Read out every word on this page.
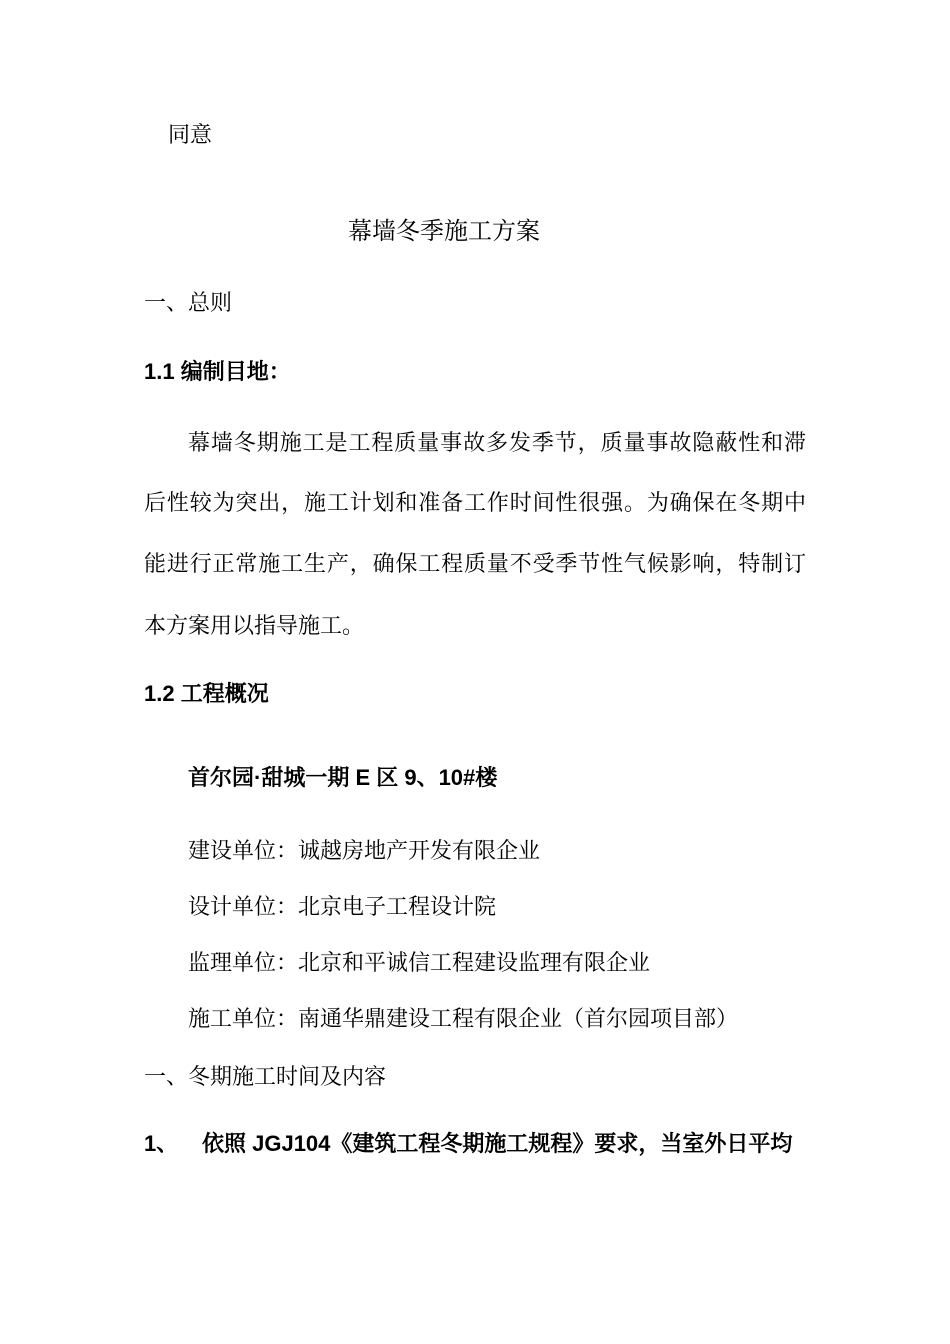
同意
幕墙冬季施工方案
一、总则
1.1 编制目地：
幕墙冬期施工是工程质量事故多发季节，质量事故隐蔽性和滞
后性较为突出，施工计划和准备工作时间性很强。为确保在冬期中
能进行正常施工生产，确保工程质量不受季节性气候影响，特制订
本方案用以指导施工。
1.2 工程概况
首尔园·甜城一期 E 区 9、10#楼
建设单位：诚越房地产开发有限企业
设计单位：北京电子工程设计院
监理单位：北京和平诚信工程建设监理有限企业
施工单位：南通华鼎建设工程有限企业（首尔园项目部）
一、冬期施工时间及内容
1、 依照 JGJ104《建筑工程冬期施工规程》要求，当室外日平均
